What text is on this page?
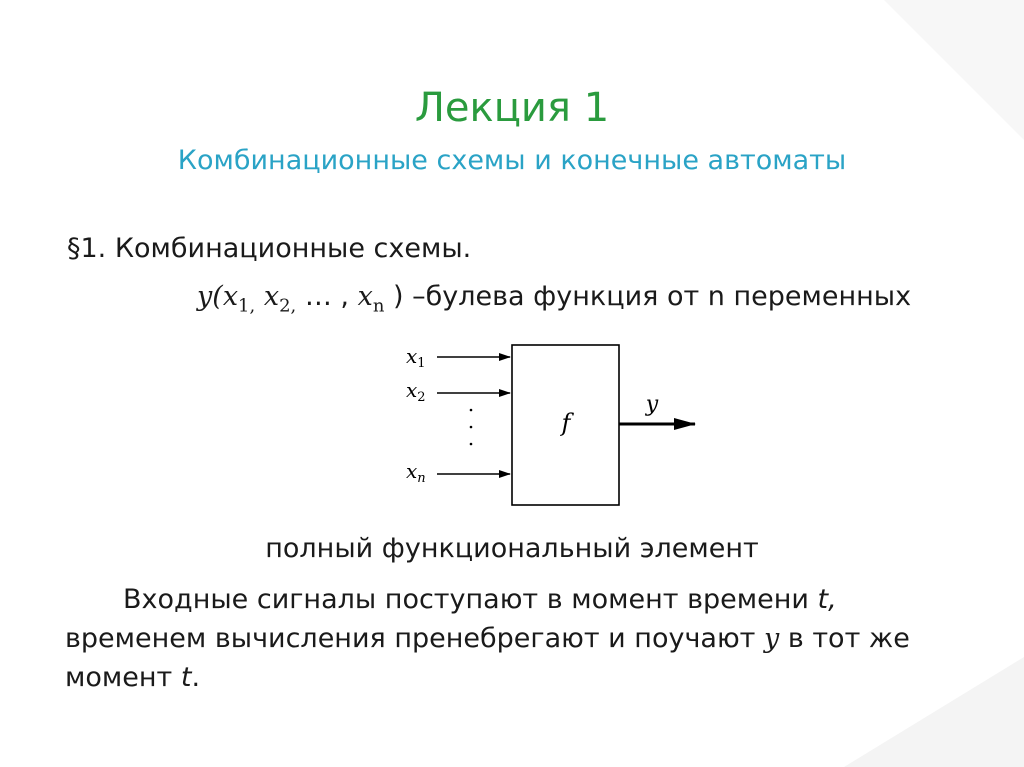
Лекция 1
Комбинационные схемы и конечные автоматы
§1. Комбинационные схемы.
$y(x_{1,}$ $x_{2,}$ … , $x_n$ ) –булева функция от n переменных
$x_1$
$x_2$
$x_n$
f
y
полный функциональный элемент
Входные сигналы поступают в момент времени t,
временем вычисления пренебрегают и поучают y в тот же
момент t.
